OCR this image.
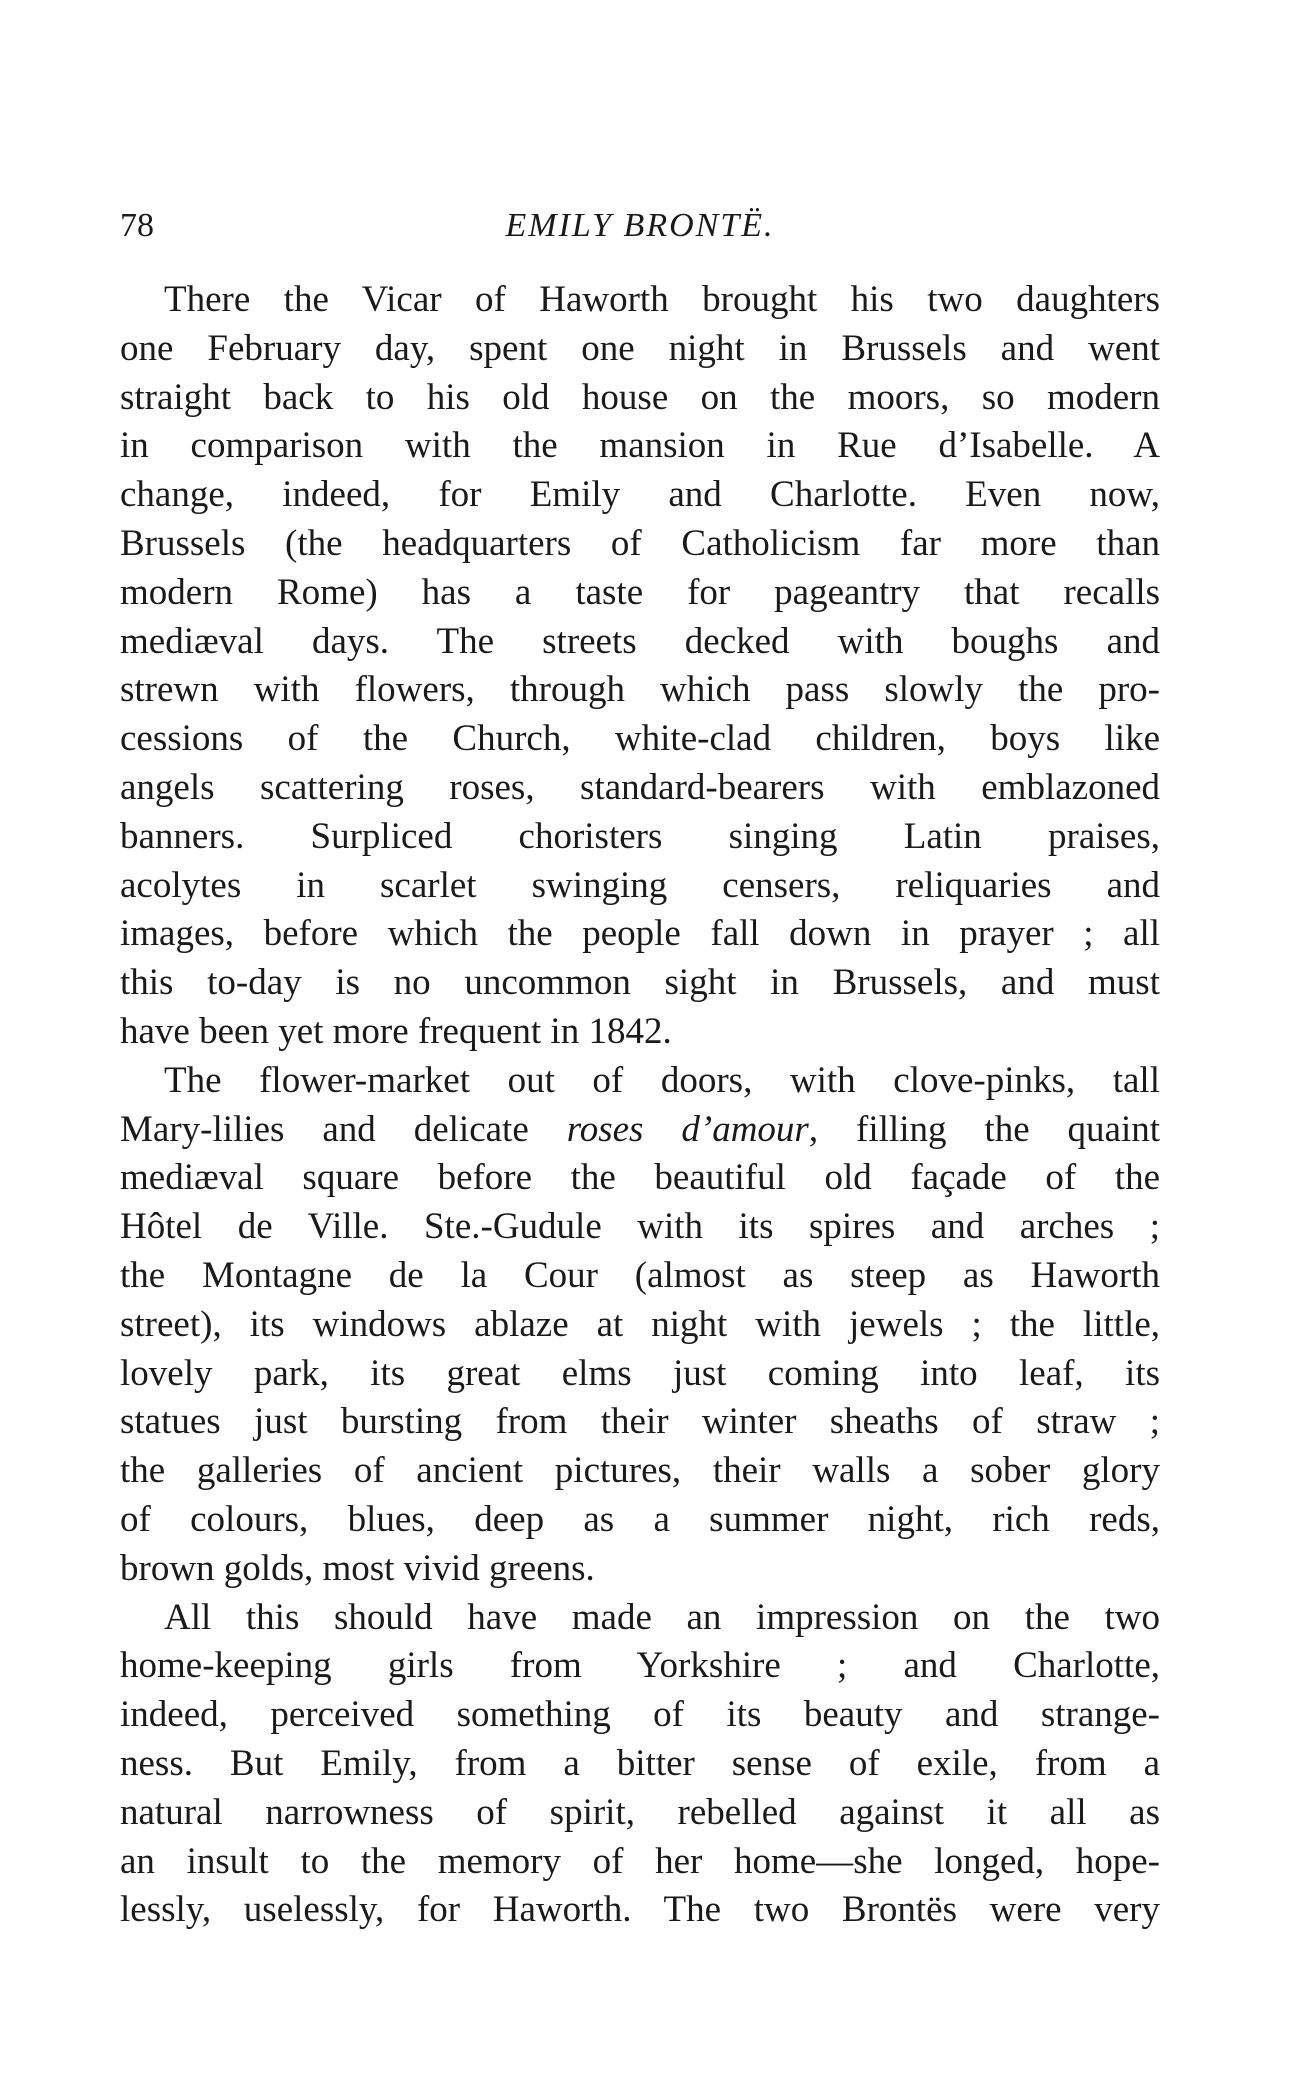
78	EMILY BRONTË.
There the Vicar of Haworth brought his two daughters
one February day, spent one night in Brussels and went
straight back to his old house on the moors, so modern
in comparison with the mansion in Rue d’Isabelle. A
change, indeed, for Emily and Charlotte. Even now,
Brussels (the headquarters of Catholicism far more than
modern Rome) has a taste for pageantry that recalls
mediæval days. The streets decked with boughs and
strewn with flowers, through which pass slowly the pro-
cessions of the Church, white-clad children, boys like
angels scattering roses, standard-bearers with emblazoned
banners. Surpliced choristers singing Latin praises,
acolytes in scarlet swinging censers, reliquaries and
images, before which the people fall down in prayer ; all
this to-day is no uncommon sight in Brussels, and must
have been yet more frequent in 1842.
The flower-market out of doors, with clove-pinks, tall
Mary-lilies and delicate roses d’amour, filling the quaint
mediæval square before the beautiful old façade of the
Hôtel de Ville. Ste.-Gudule with its spires and arches ;
the Montagne de la Cour (almost as steep as Haworth
street), its windows ablaze at night with jewels ; the little,
lovely park, its great elms just coming into leaf, its
statues just bursting from their winter sheaths of straw ;
the galleries of ancient pictures, their walls a sober glory
of colours, blues, deep as a summer night, rich reds,
brown golds, most vivid greens.
All this should have made an impression on the two
home-keeping girls from Yorkshire ; and Charlotte,
indeed, perceived something of its beauty and strange-
ness. But Emily, from a bitter sense of exile, from a
natural narrowness of spirit, rebelled against it all as
an insult to the memory of her home—she longed, hope-
lessly, uselessly, for Haworth. The two Brontës were very
